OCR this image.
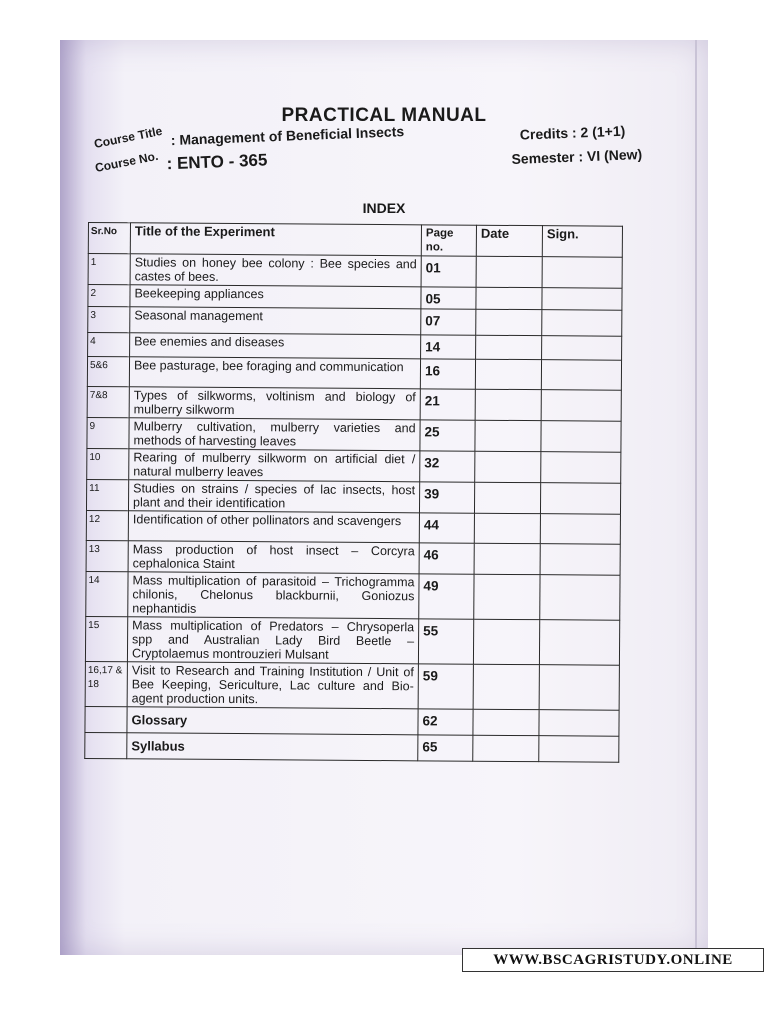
PRACTICAL MANUAL
Course Title : Management of Beneficial Insects
Course No. : ENTO - 365
Credits : 2 (1+1)
Semester : VI (New)
INDEX
Sr.No	Title of the Experiment	Page no.	Date	Sign.
1	Studies on honey bee colony : Bee species and castes of bees.	01		
2	Beekeeping appliances	05		
3	Seasonal management	07		
4	Bee enemies and diseases	14		
5&6	Bee pasturage, bee foraging and communication	16		
7&8	Types of silkworms, voltinism and biology of mulberry silkworm	21		
9	Mulberry cultivation, mulberry varieties and methods of harvesting leaves	25		
10	Rearing of mulberry silkworm on artificial diet / natural mulberry leaves	32		
11	Studies on strains / species of lac insects, host plant and their identification	39		
12	Identification of other pollinators and scavengers	44		
13	Mass production of host insect – Corcyra cephalonica Staint	46		
14	Mass multiplication of parasitoid – Trichogramma chilonis, Chelonus blackburnii, Goniozus nephantidis	49		
15	Mass multiplication of Predators – Chrysoperla spp and Australian Lady Bird Beetle – Cryptolaemus montrouzieri Mulsant	55		
16,17 & 18	Visit to Research and Training Institution / Unit of Bee Keeping, Sericulture, Lac culture and Bio-agent production units.	59		
	Glossary	62		
	Syllabus	65		
WWW.BSCAGRISTUDY.ONLINE
